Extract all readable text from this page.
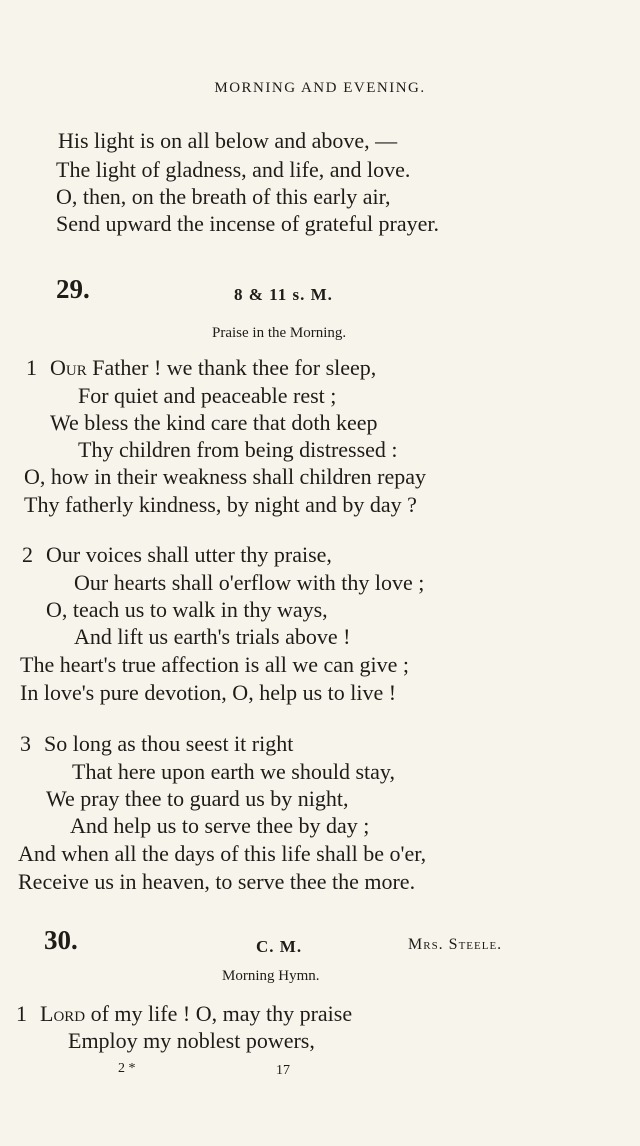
MORNING AND EVENING.
His light is on all below and above, —
The light of gladness, and life, and love.
O, then, on the breath of this early air,
Send upward the incense of grateful prayer.
29.	8 & 11 s. M.
Praise in the Morning.
1 Our Father ! we thank thee for sleep,
For quiet and peaceable rest ;
We bless the kind care that doth keep
Thy children from being distressed :
O, how in their weakness shall children repay
Thy fatherly kindness, by night and by day ?
2 Our voices shall utter thy praise,
Our hearts shall o'erflow with thy love ;
O, teach us to walk in thy ways,
And lift us earth's trials above !
The heart's true affection is all we can give ;
In love's pure devotion, O, help us to live !
3 So long as thou seest it right
That here upon earth we should stay,
We pray thee to guard us by night,
And help us to serve thee by day ;
And when all the days of this life shall be o'er,
Receive us in heaven, to serve thee the more.
30.	C. M.	Mrs. Steele.
Morning Hymn.
1 Lord of my life ! O, may thy praise
Employ my noblest powers,
2 *	17
